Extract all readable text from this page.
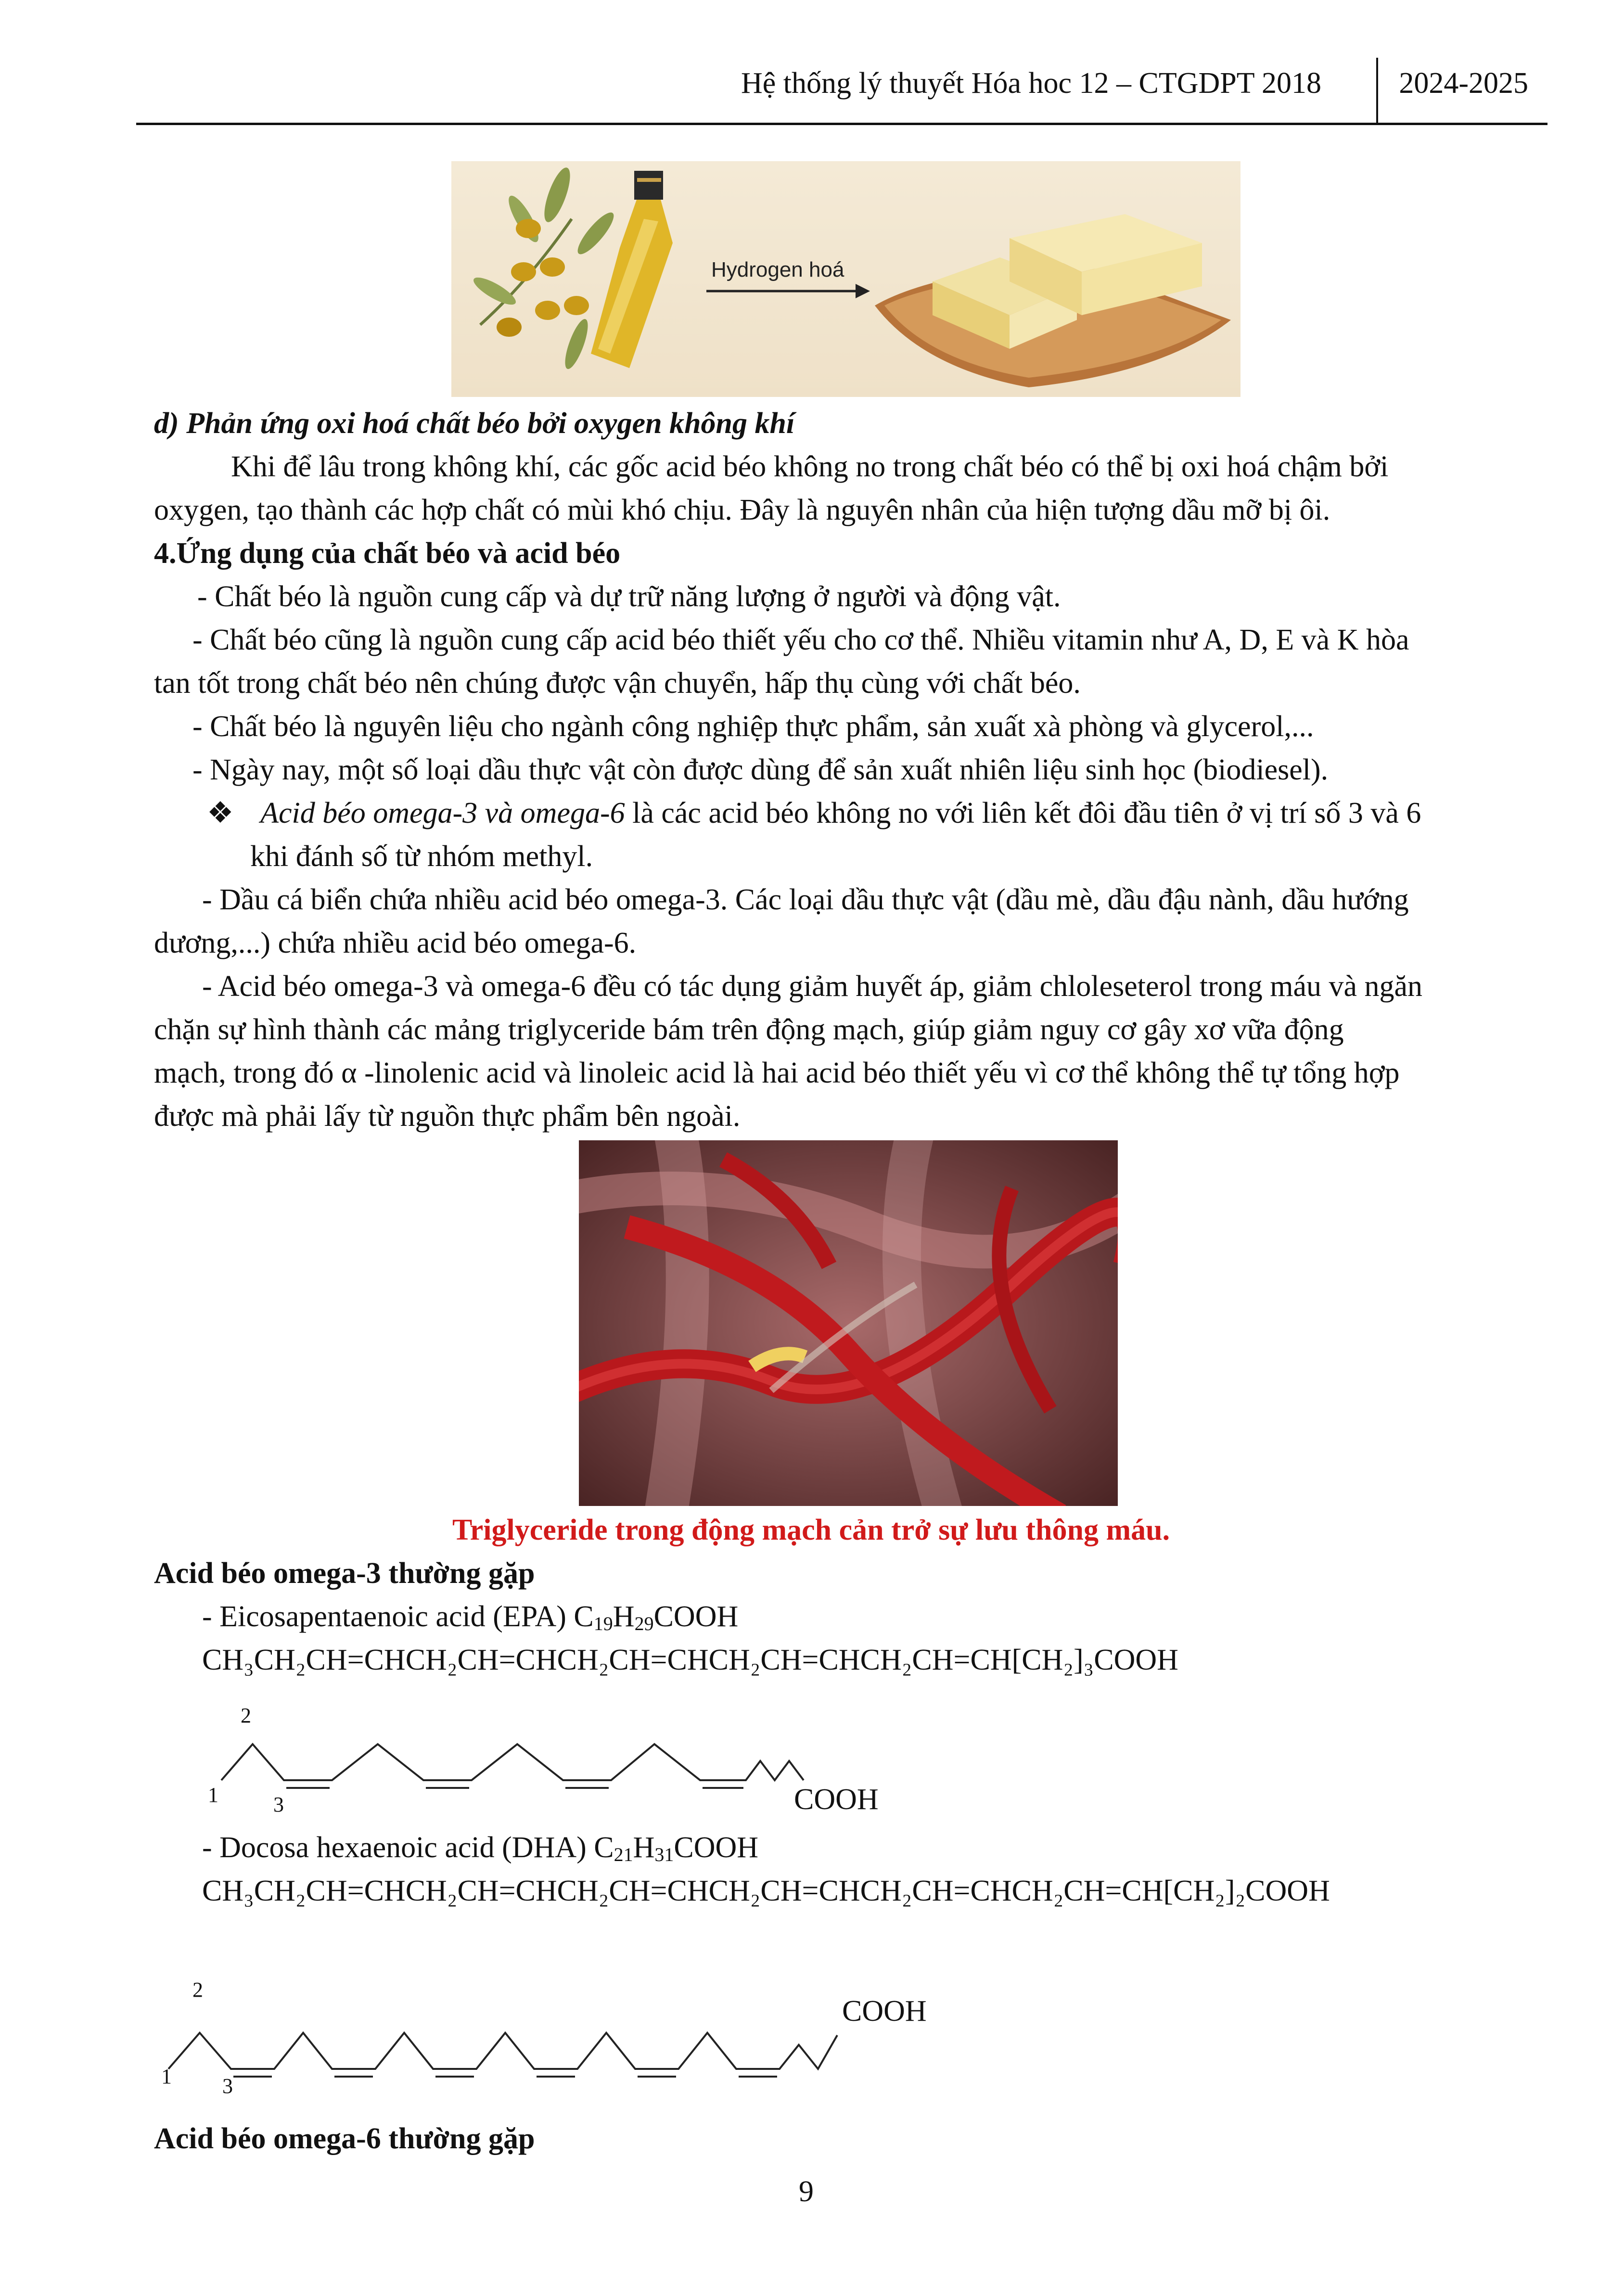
Hệ thống lý thuyết Hóa hoc 12 – CTGDPT 2018	2024-2025
Hydrogen hoá
d) Phản ứng oxi hoá chất béo bởi oxygen không khí
Khi để lâu trong không khí, các gốc acid béo không no trong chất béo có thể bị oxi hoá chậm bởi
oxygen, tạo thành các hợp chất có mùi khó chịu. Đây là nguyên nhân của hiện tượng dầu mỡ bị ôi.
4.Ứng dụng của chất béo và acid béo
- Chất béo là nguồn cung cấp và dự trữ năng lượng ở người và động vật.
- Chất béo cũng là nguồn cung cấp acid béo thiết yếu cho cơ thể. Nhiều vitamin như A, D, E và K hòa
tan tốt trong chất béo nên chúng được vận chuyển, hấp thụ cùng với chất béo.
- Chất béo là nguyên liệu cho ngành công nghiệp thực phẩm, sản xuất xà phòng và glycerol,...
- Ngày nay, một số loại dầu thực vật còn được dùng để sản xuất nhiên liệu sinh học (biodiesel).
❖ Acid béo omega-3 và omega-6 là các acid béo không no với liên kết đôi đầu tiên ở vị trí số 3 và 6
khi đánh số từ nhóm methyl.
- Dầu cá biển chứa nhiều acid béo omega-3. Các loại dầu thực vật (dầu mè, dầu đậu nành, dầu hướng
dương,...) chứa nhiều acid béo omega-6.
- Acid béo omega-3 và omega-6 đều có tác dụng giảm huyết áp, giảm chloleseterol trong máu và ngăn
chặn sự hình thành các mảng triglyceride bám trên động mạch, giúp giảm nguy cơ gây xơ vữa động
mạch, trong đó α -linolenic acid và linoleic acid là hai acid béo thiết yếu vì cơ thể không thể tự tổng hợp
được mà phải lấy từ nguồn thực phẩm bên ngoài.
Triglyceride trong động mạch cản trở sự lưu thông máu.
Acid béo omega-3 thường gặp
- Eicosapentaenoic acid (EPA) $C_{19}H_{29}COOH$
CH₃CH₂CH=CHCH₂CH=CHCH₂CH=CHCH₂CH=CHCH₂CH=CH[CH₂]₃COOH
2
1	3	COOH
- Docosa hexaenoic acid (DHA) $C_{21}H_{31}COOH$
CH₃CH₂CH=CHCH₂CH=CHCH₂CH=CHCH₂CH=CHCH₂CH=CHCH₂CH=CH[CH₂]₂COOH
2
1 3
COOH
Acid béo omega-6 thường gặp
9
